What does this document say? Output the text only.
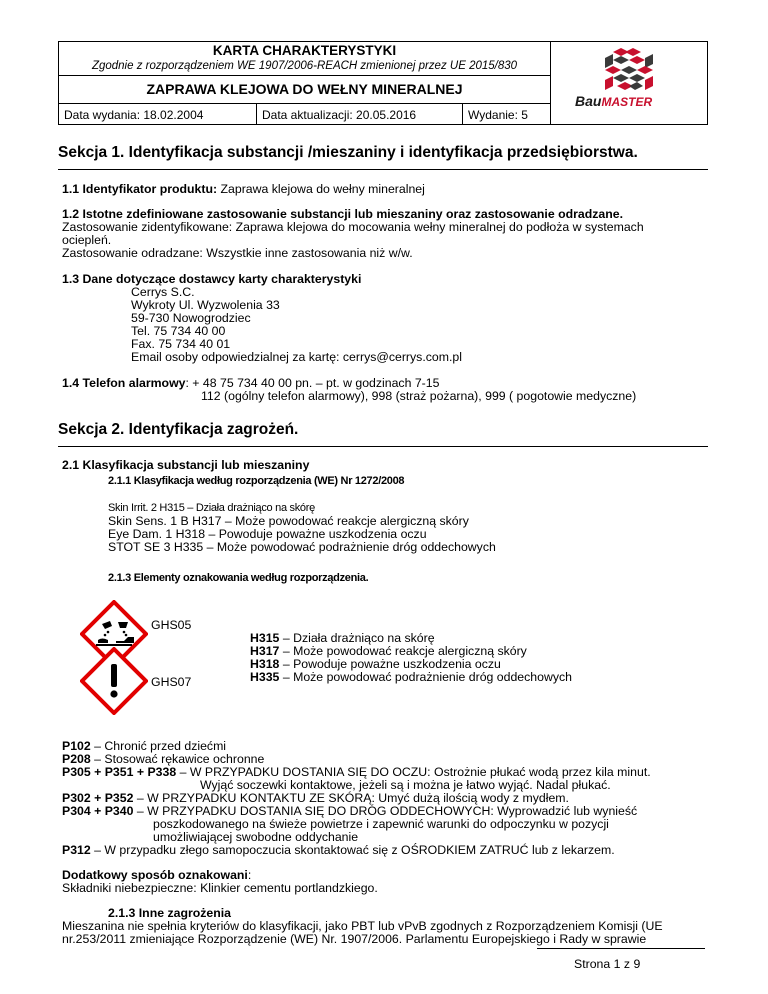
KARTA CHARAKTERYSTYKI
Zgodnie z rozporządzeniem WE 1907/2006-REACH zmienionej przez UE 2015/830
ZAPRAWA KLEJOWA DO WEŁNY MINERALNEJ
Data wydania: 18.02.2004	Data aktualizacji: 20.05.2016	Wydanie: 5
BauMASTER
Sekcja 1. Identyfikacja substancji /mieszaniny i identyfikacja przedsiębiorstwa.
1.1 Identyfikator produktu: Zaprawa klejowa do wełny mineralnej
1.2 Istotne zdefiniowane zastosowanie substancji lub mieszaniny oraz zastosowanie odradzane.
Zastosowanie zidentyfikowane: Zaprawa klejowa do mocowania wełny mineralnej do podłoża w systemach
ociepleń.
Zastosowanie odradzane: Wszystkie inne zastosowania niż w/w.
1.3 Dane dotyczące dostawcy karty charakterystyki
Cerrys S.C.
Wykroty Ul. Wyzwolenia 33
59-730 Nowogrodziec
Tel. 75 734 40 00
Fax. 75 734 40 01
Email osoby odpowiedzialnej za kartę: cerrys@cerrys.com.pl
1.4 Telefon alarmowy: + 48 75 734 40 00 pn. – pt. w godzinach 7-15
112 (ogólny telefon alarmowy), 998 (straż pożarna), 999 ( pogotowie medyczne)
Sekcja 2. Identyfikacja zagrożeń.
2.1 Klasyfikacja substancji lub mieszaniny
2.1.1 Klasyfikacja według rozporządzenia (WE) Nr 1272/2008
Skin Irrit. 2 H315 – Działa drażniąco na skórę
Skin Sens. 1 B H317 – Może powodować reakcje alergiczną skóry
Eye Dam. 1 H318 – Powoduje poważne uszkodzenia oczu
STOT SE 3 H335 – Może powodować podrażnienie dróg oddechowych
2.1.3 Elementy oznakowania według rozporządzenia.
GHS05
GHS07
H315 – Działa drażniąco na skórę
H317 – Może powodować reakcje alergiczną skóry
H318 – Powoduje poważne uszkodzenia oczu
H335 – Może powodować podrażnienie dróg oddechowych
P102 – Chronić przed dziećmi
P208 – Stosować rękawice ochronne
P305 + P351 + P338 – W PRZYPADKU DOSTANIA SIĘ DO OCZU: Ostrożnie płukać wodą przez kila minut.
Wyjąć soczewki kontaktowe, jeżeli są i można je łatwo wyjąć. Nadal płukać.
P302 + P352 – W PRZYPADKU KONTAKTU ZE SKÓRĄ: Umyć dużą ilością wody z mydłem.
P304 + P340 – W PRZYPADKU DOSTANIA SIĘ DO DRÓG ODDECHOWYCH: Wyprowadzić lub wynieść
poszkodowanego na świeże powietrze i zapewnić warunki do odpoczynku w pozycji
umożliwiającej swobodne oddychanie
P312 – W przypadku złego samopoczucia skontaktować się z OŚRODKIEM ZATRUĆ lub z lekarzem.
Dodatkowy sposób oznakowani:
Składniki niebezpieczne: Klinkier cementu portlandzkiego.
2.1.3 Inne zagrożenia
Mieszanina nie spełnia kryteriów do klasyfikacji, jako PBT lub vPvB zgodnych z Rozporządzeniem Komisji (UE
nr.253/2011 zmieniające Rozporządzenie (WE) Nr. 1907/2006. Parlamentu Europejskiego i Rady w sprawie
Strona 1 z 9
